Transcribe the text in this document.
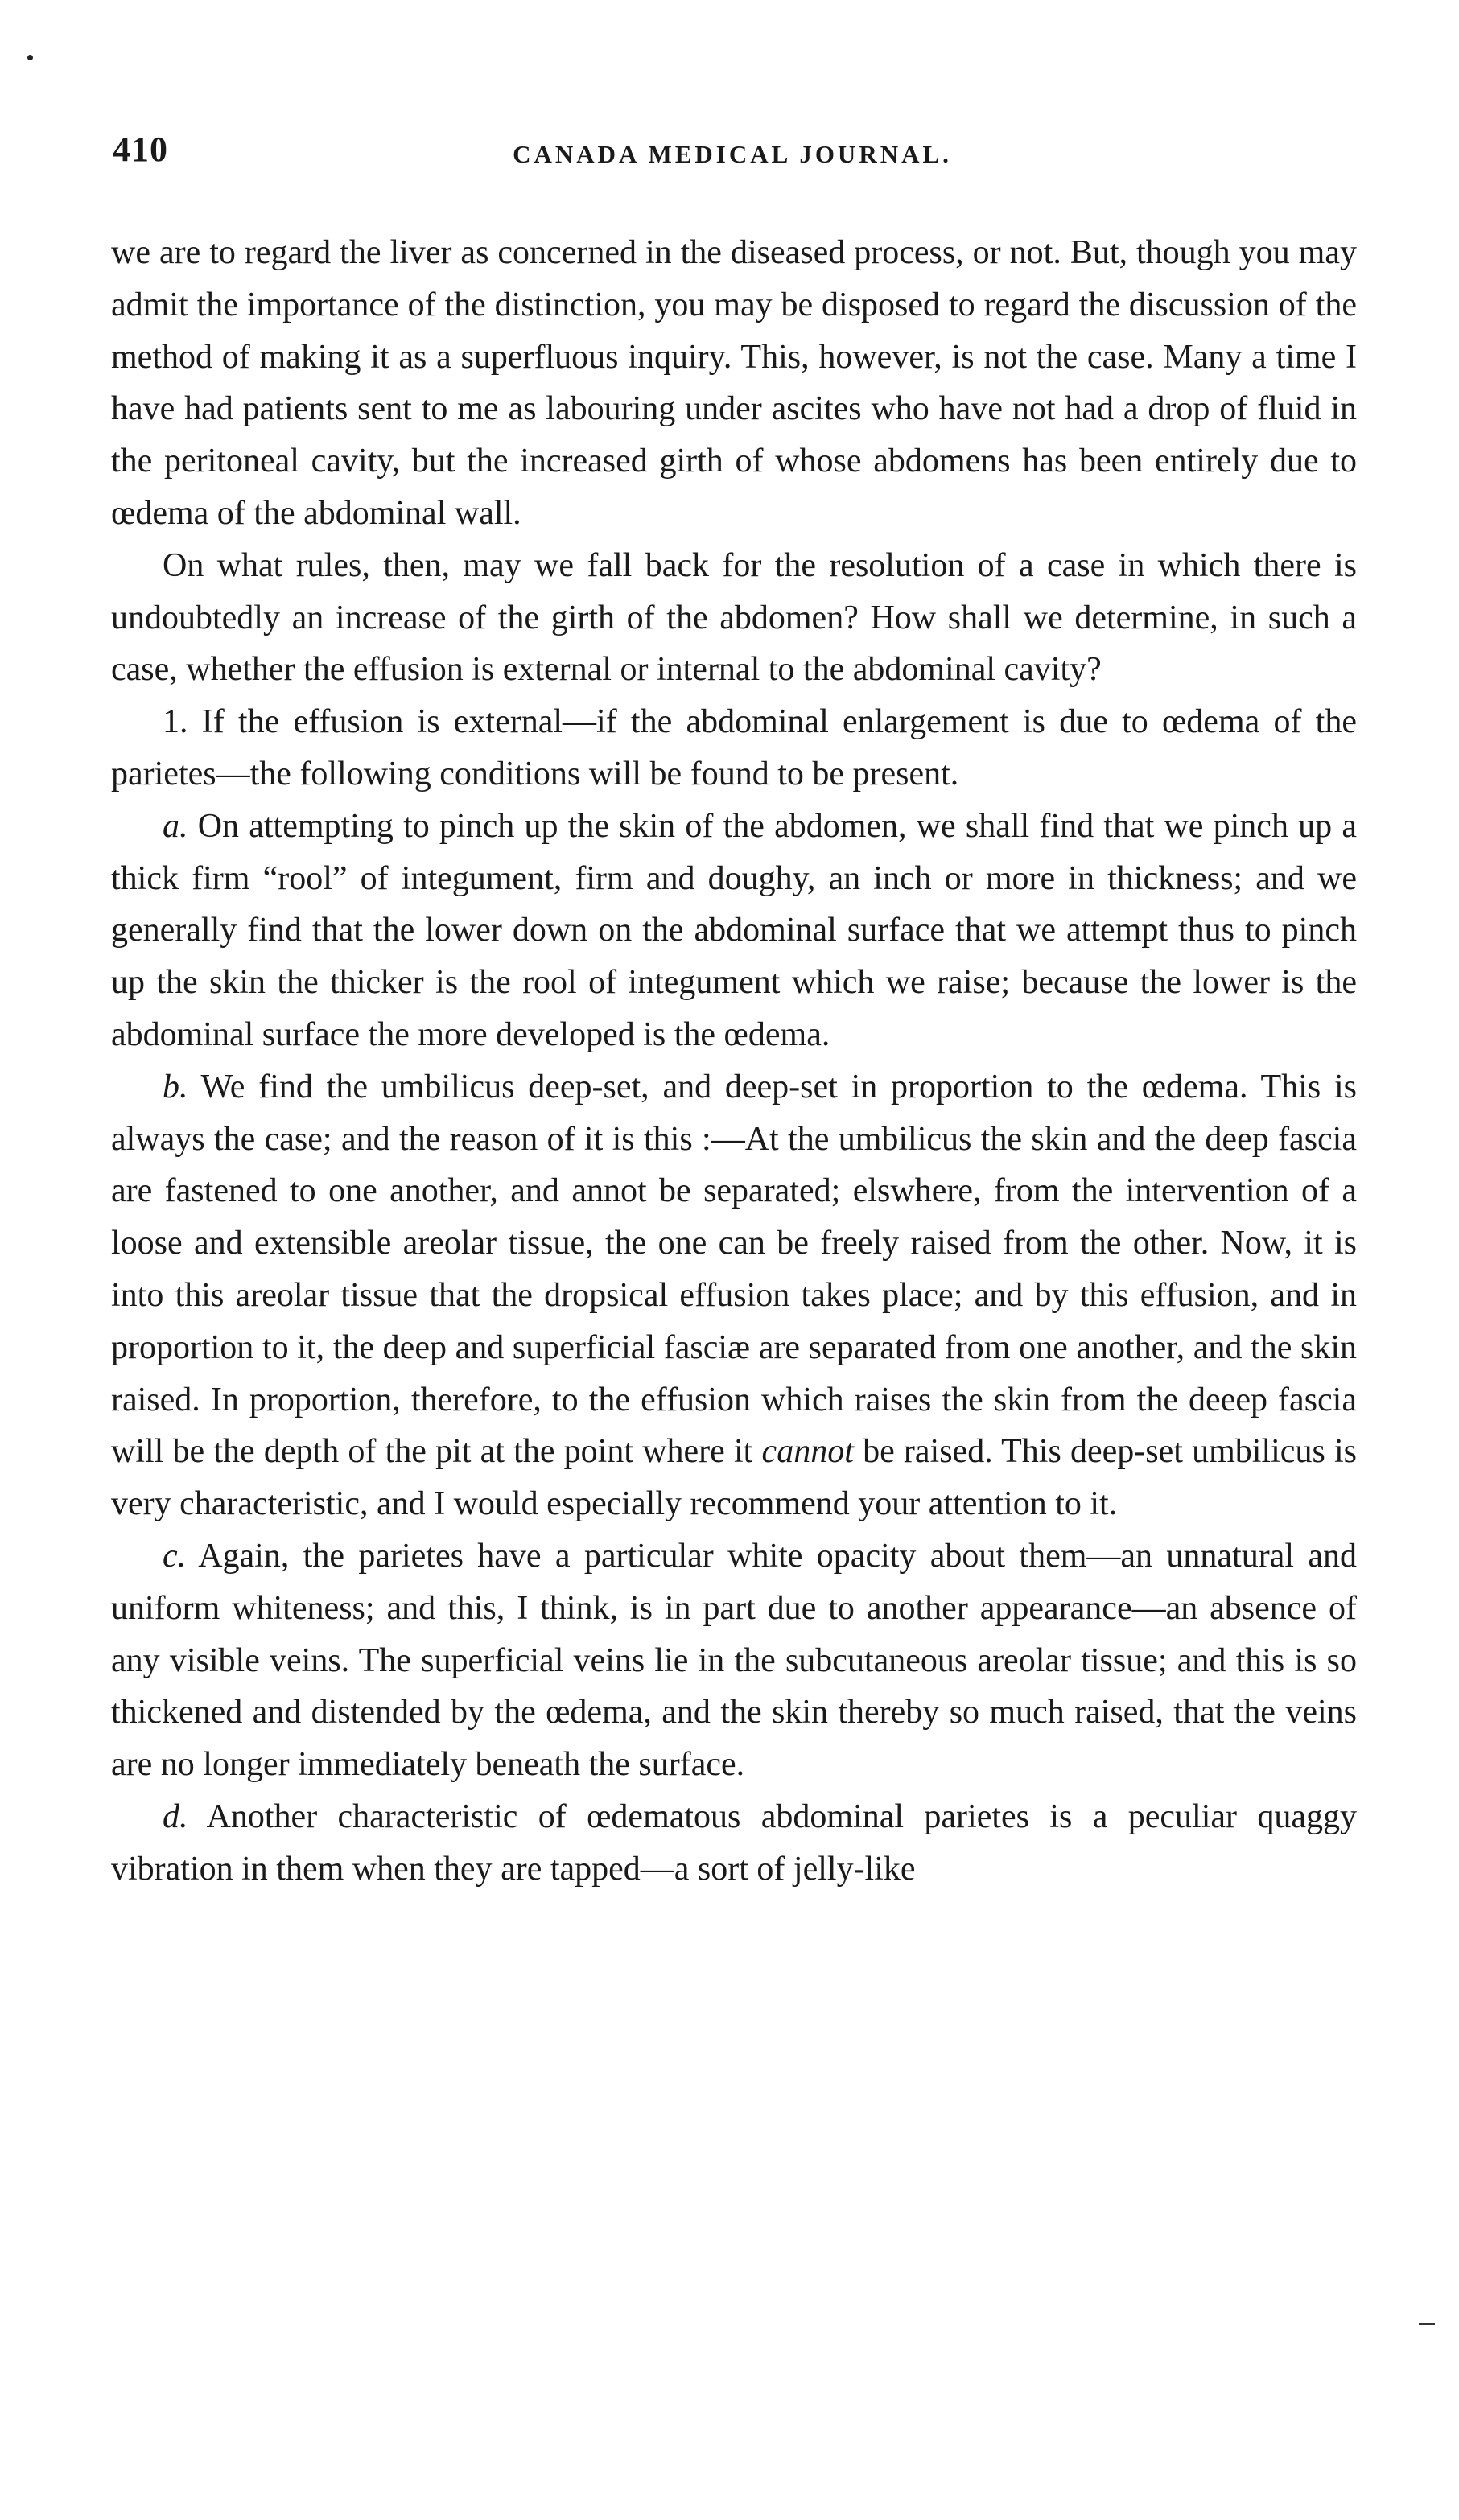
410	CANADA MEDICAL JOURNAL.

we are to regard the liver as concerned in the diseased process, or not. But, though you may admit the importance of the distinction, you may be disposed to regard the discussion of the method of making it as a superfluous inquiry. This, however, is not the case. Many a time I have had patients sent to me as labouring under ascites who have not had a drop of fluid in the peritoneal cavity, but the increased girth of whose abdomens has been entirely due to œdema of the abdominal wall.

On what rules, then, may we fall back for the resolution of a case in which there is undoubtedly an increase of the girth of the abdomen? How shall we determine, in such a case, whether the effusion is external or internal to the abdominal cavity?

1. If the effusion is external—if the abdominal enlargement is due to œdema of the parietes—the following conditions will be found to be present.

a. On attempting to pinch up the skin of the abdomen, we shall find that we pinch up a thick firm “rool” of integument, firm and doughy, an inch or more in thickness; and we generally find that the lower down on the abdominal surface that we attempt thus to pinch up the skin the thicker is the rool of integument which we raise; because the lower is the abdominal surface the more developed is the œdema.

b. We find the umbilicus deep-set, and deep-set in proportion to the œdema. This is always the case; and the reason of it is this :—At the umbilicus the skin and the deep fascia are fastened to one another, and annot be separated; elswhere, from the intervention of a loose and extensible areolar tissue, the one can be freely raised from the other. Now, it is into this areolar tissue that the dropsical effusion takes place; and by this effusion, and in proportion to it, the deep and superficial fasciæ are separated from one another, and the skin raised. In proportion, therefore, to the effusion which raises the skin from the deeep fascia will be the depth of the pit at the point where it cannot be raised. This deep-set umbilicus is very characteristic, and I would especially recommend your attention to it.

c. Again, the parietes have a particular white opacity about them—an unnatural and uniform whiteness; and this, I think, is in part due to another appearance—an absence of any visible veins. The superficial veins lie in the subcutaneous areolar tissue; and this is so thickened and distended by the œdema, and the skin thereby so much raised, that the veins are no longer immediately beneath the surface.

d. Another characteristic of œdematous abdominal parietes is a peculiar quaggy vibration in them when they are tapped—a sort of jelly-like
